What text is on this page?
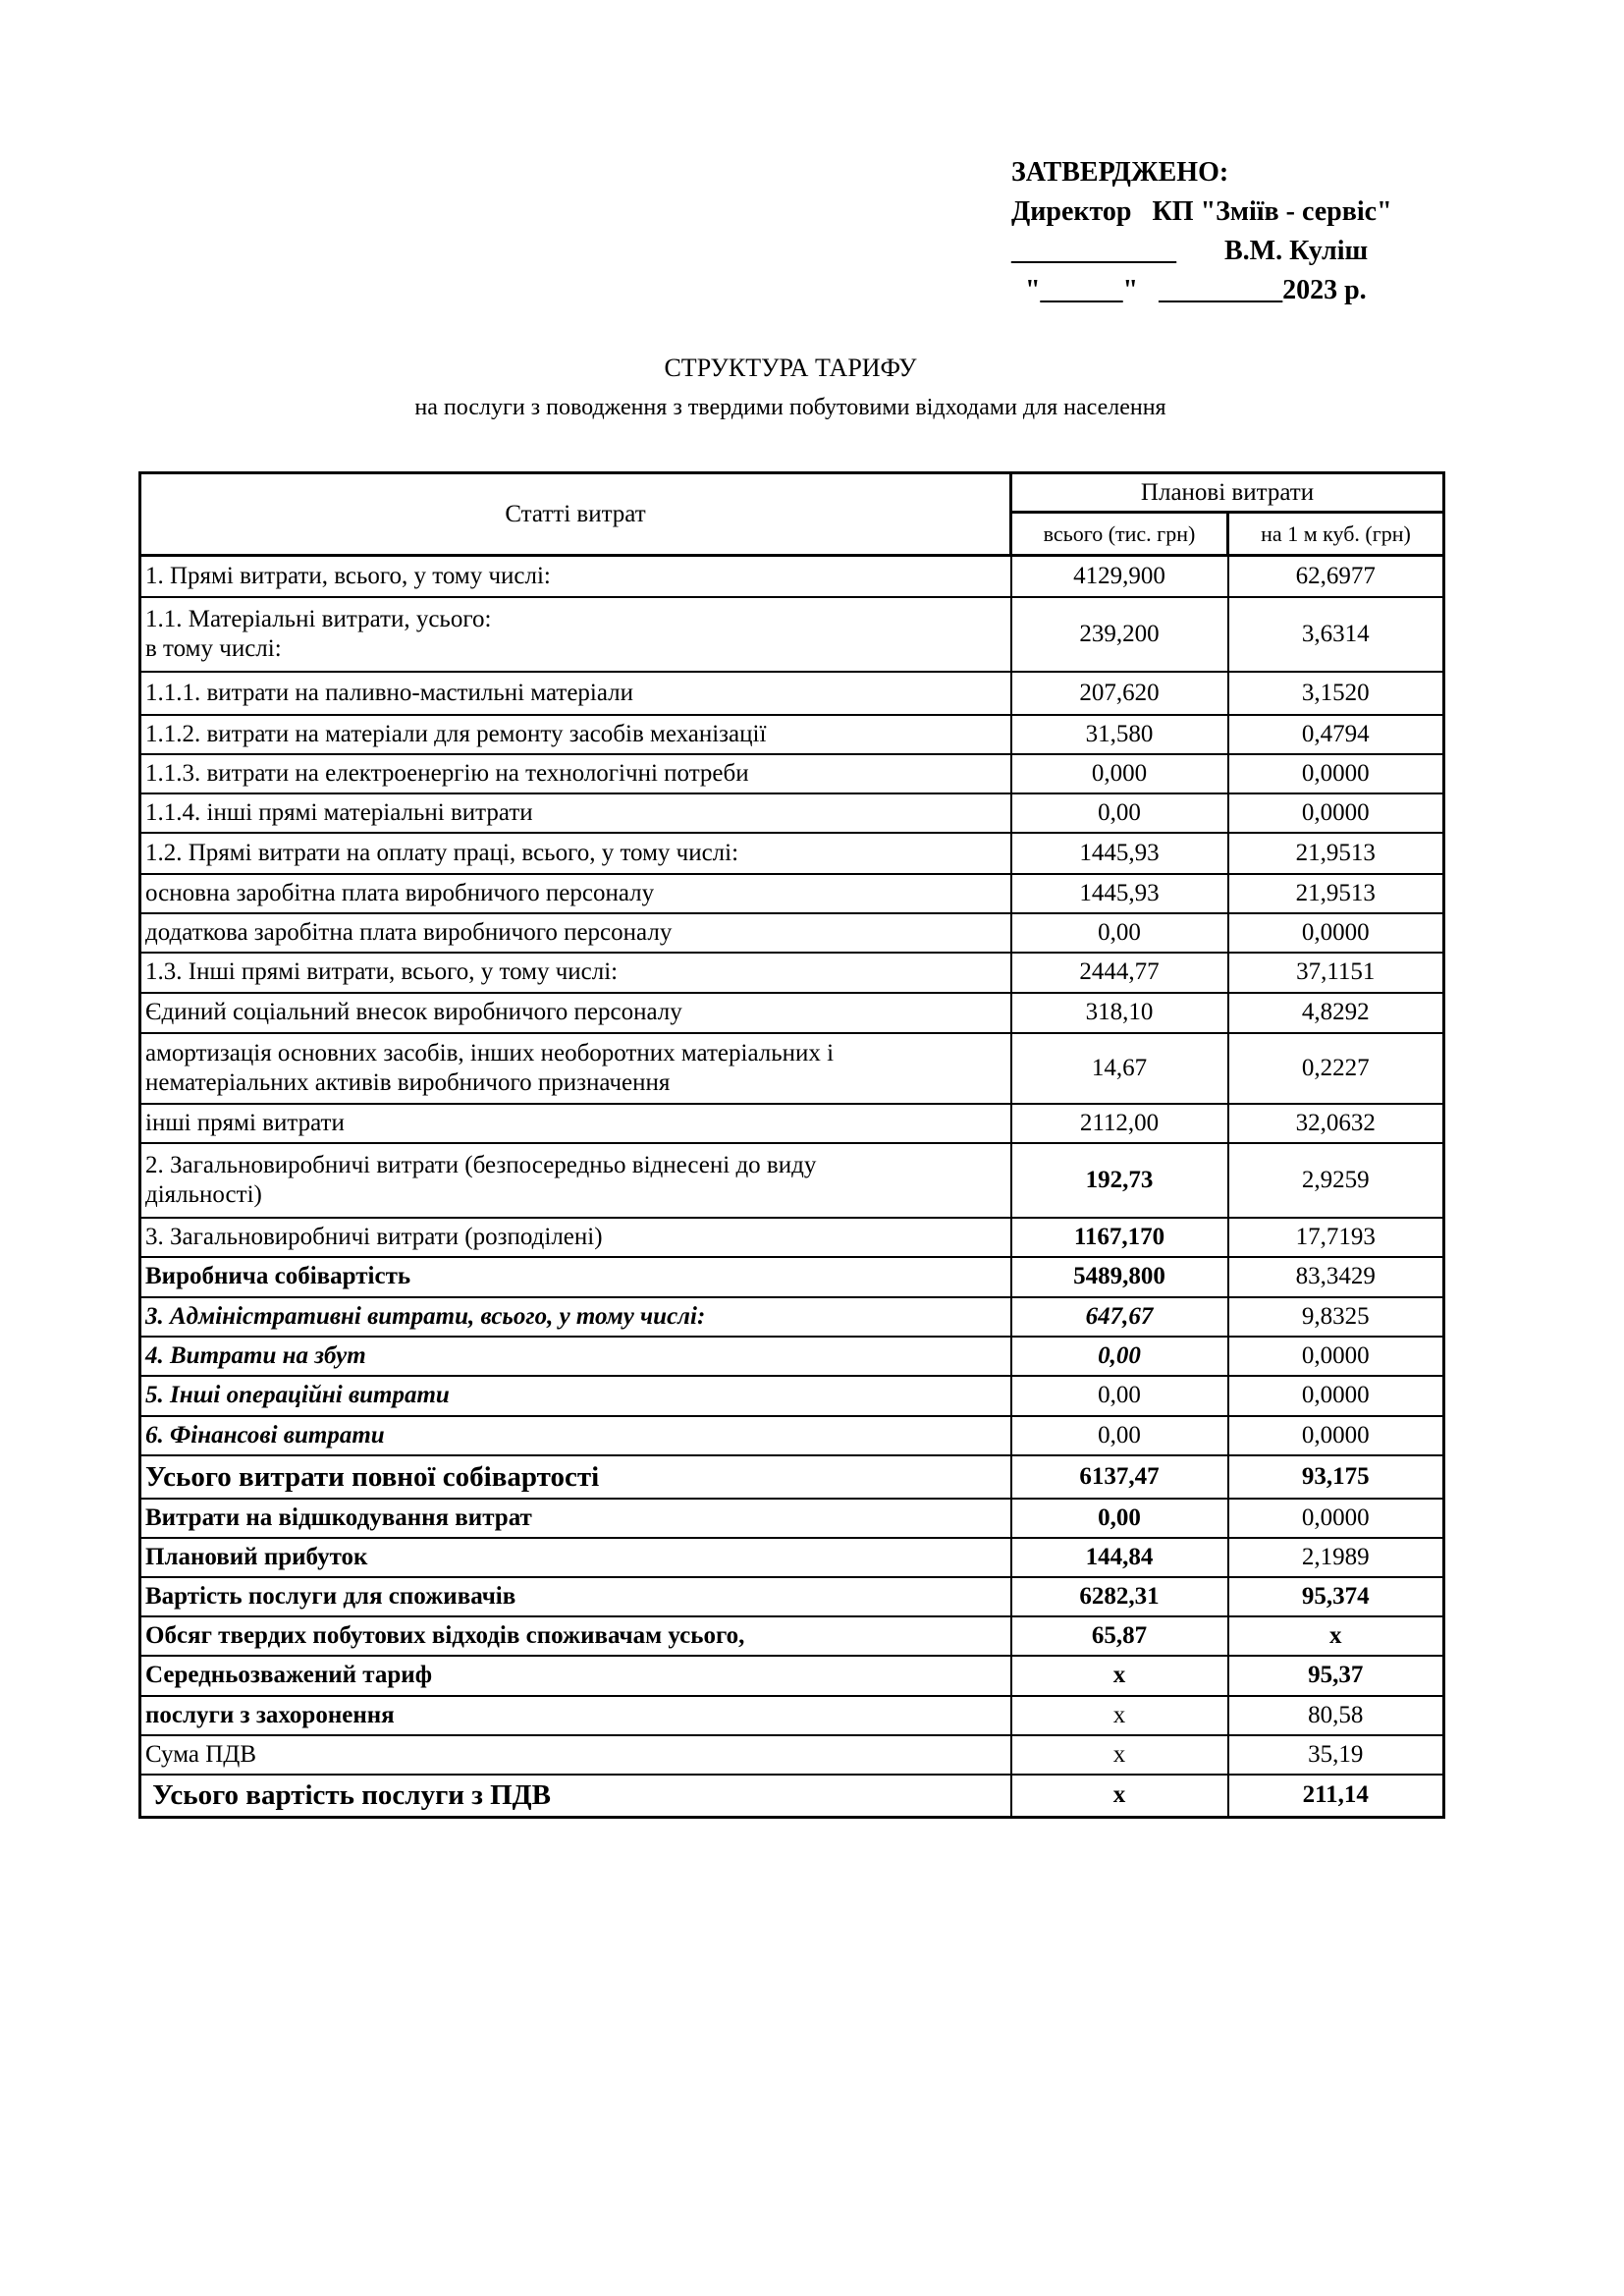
ЗАТВЕРДЖЕНО:
Директор   КП "Зміїв - сервіс"
____________       В.М. Куліш
"______"   _________2023 р.
СТРУКТУРА ТАРИФУ
на послуги з поводження з твердими побутовими відходами для населення
Статті витрат	Планові витрати	
	всього (тис. грн)	на 1 м куб. (грн)
1. Прямі витрати, всього, у тому числі:	4129,900	62,6977
1.1. Матеріальні витрати, усього:
в тому числі:	239,200	3,6314
1.1.1. витрати на паливно-мастильні матеріали	207,620	3,1520
1.1.2. витрати на матеріали для ремонту засобів механізації	31,580	0,4794
1.1.3. витрати на електроенергію на технологічні потреби	0,000	0,0000
1.1.4. інші прямі матеріальні витрати	0,00	0,0000
1.2. Прямі витрати на оплату праці, всього, у тому числі:	1445,93	21,9513
основна заробітна плата виробничого персоналу	1445,93	21,9513
додаткова заробітна плата виробничого персоналу	0,00	0,0000
1.3. Інші прямі витрати, всього, у тому числі:	2444,77	37,1151
Єдиний соціальний внесок виробничого персоналу	318,10	4,8292
амортизація основних засобів, інших необоротних матеріальних і
нематеріальних активів виробничого призначення	14,67	0,2227
інші прямі витрати	2112,00	32,0632
2. Загальновиробничі витрати (безпосередньо віднесені до виду
діяльності)	192,73	2,9259
3. Загальновиробничі витрати (розподілені)	1167,170	17,7193
Виробнича собівартість	5489,800	83,3429
3. Адміністративні витрати, всього, у тому числі:	647,67	9,8325
4. Витрати на збут	0,00	0,0000
5. Інші операційні витрати	0,00	0,0000
6. Фінансові витрати	0,00	0,0000
Усього витрати повної собівартості	6137,47	93,175
Витрати на відшкодування витрат	0,00	0,0000
Плановий прибуток	144,84	2,1989
Вартість послуги для споживачів	6282,31	95,374
Обсяг твердих побутових відходів споживачам усього,	65,87	х
Середньозважений тариф	х	95,37
послуги з захоронення	х	80,58
Сума ПДВ	х	35,19
Усього вартість послуги з ПДВ	х	211,14
